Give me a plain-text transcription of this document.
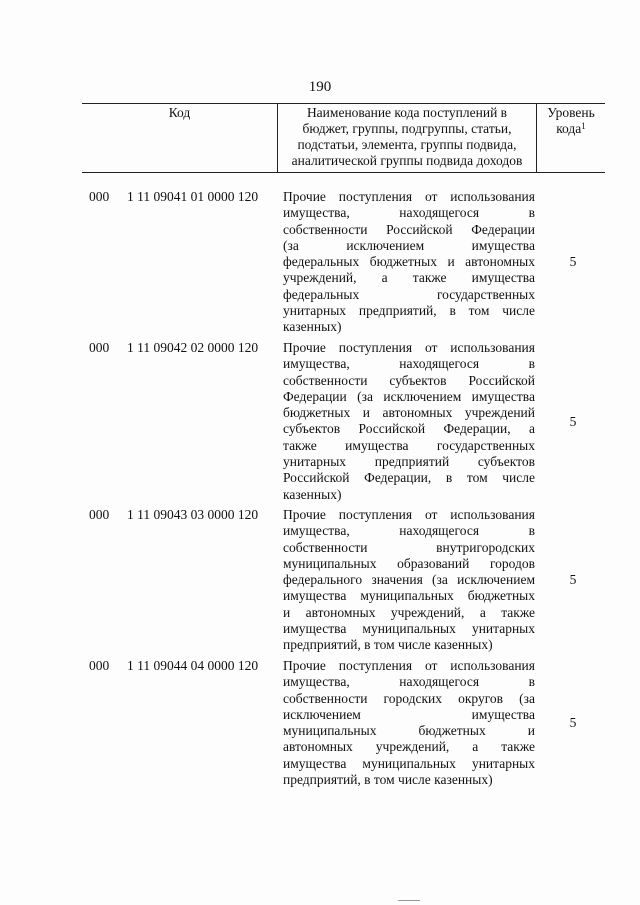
190
Код	Наименование кода поступлений в
бюджет, группы, подгруппы, статьи,
подстатьи, элемента, группы подвида,
аналитической группы подвида доходов
Уровень
кода$^1$
000 1 11 09041 01 0000 120 Прочие поступления от использования
имущества, находящегося в
собственности Российской Федерации
(за исключением имущества
федеральных бюджетных и автономных
учреждений, а также имущества
федеральных государственных
унитарных предприятий, в том числе
казенных)
5
000 1 11 09042 02 0000 120 Прочие поступления от использования
имущества, находящегося в
собственности субъектов Российской
Федерации (за исключением имущества
бюджетных и автономных учреждений
субъектов Российской Федерации, а
также имущества государственных
унитарных предприятий субъектов
Российской Федерации, в том числе
казенных)
5
000 1 11 09043 03 0000 120 Прочие поступления от использования
имущества, находящегося в
собственности внутригородских
муниципальных образований городов
федерального значения (за исключением
имущества муниципальных бюджетных
и автономных учреждений, а также
имущества муниципальных унитарных
предприятий, в том числе казенных)
5
000 1 11 09044 04 0000 120 Прочие поступления от использования
имущества, находящегося в
собственности городских округов (за
исключением имущества
муниципальных бюджетных и
автономных учреждений, а также
имущества муниципальных унитарных
предприятий, в том числе казенных)
5
